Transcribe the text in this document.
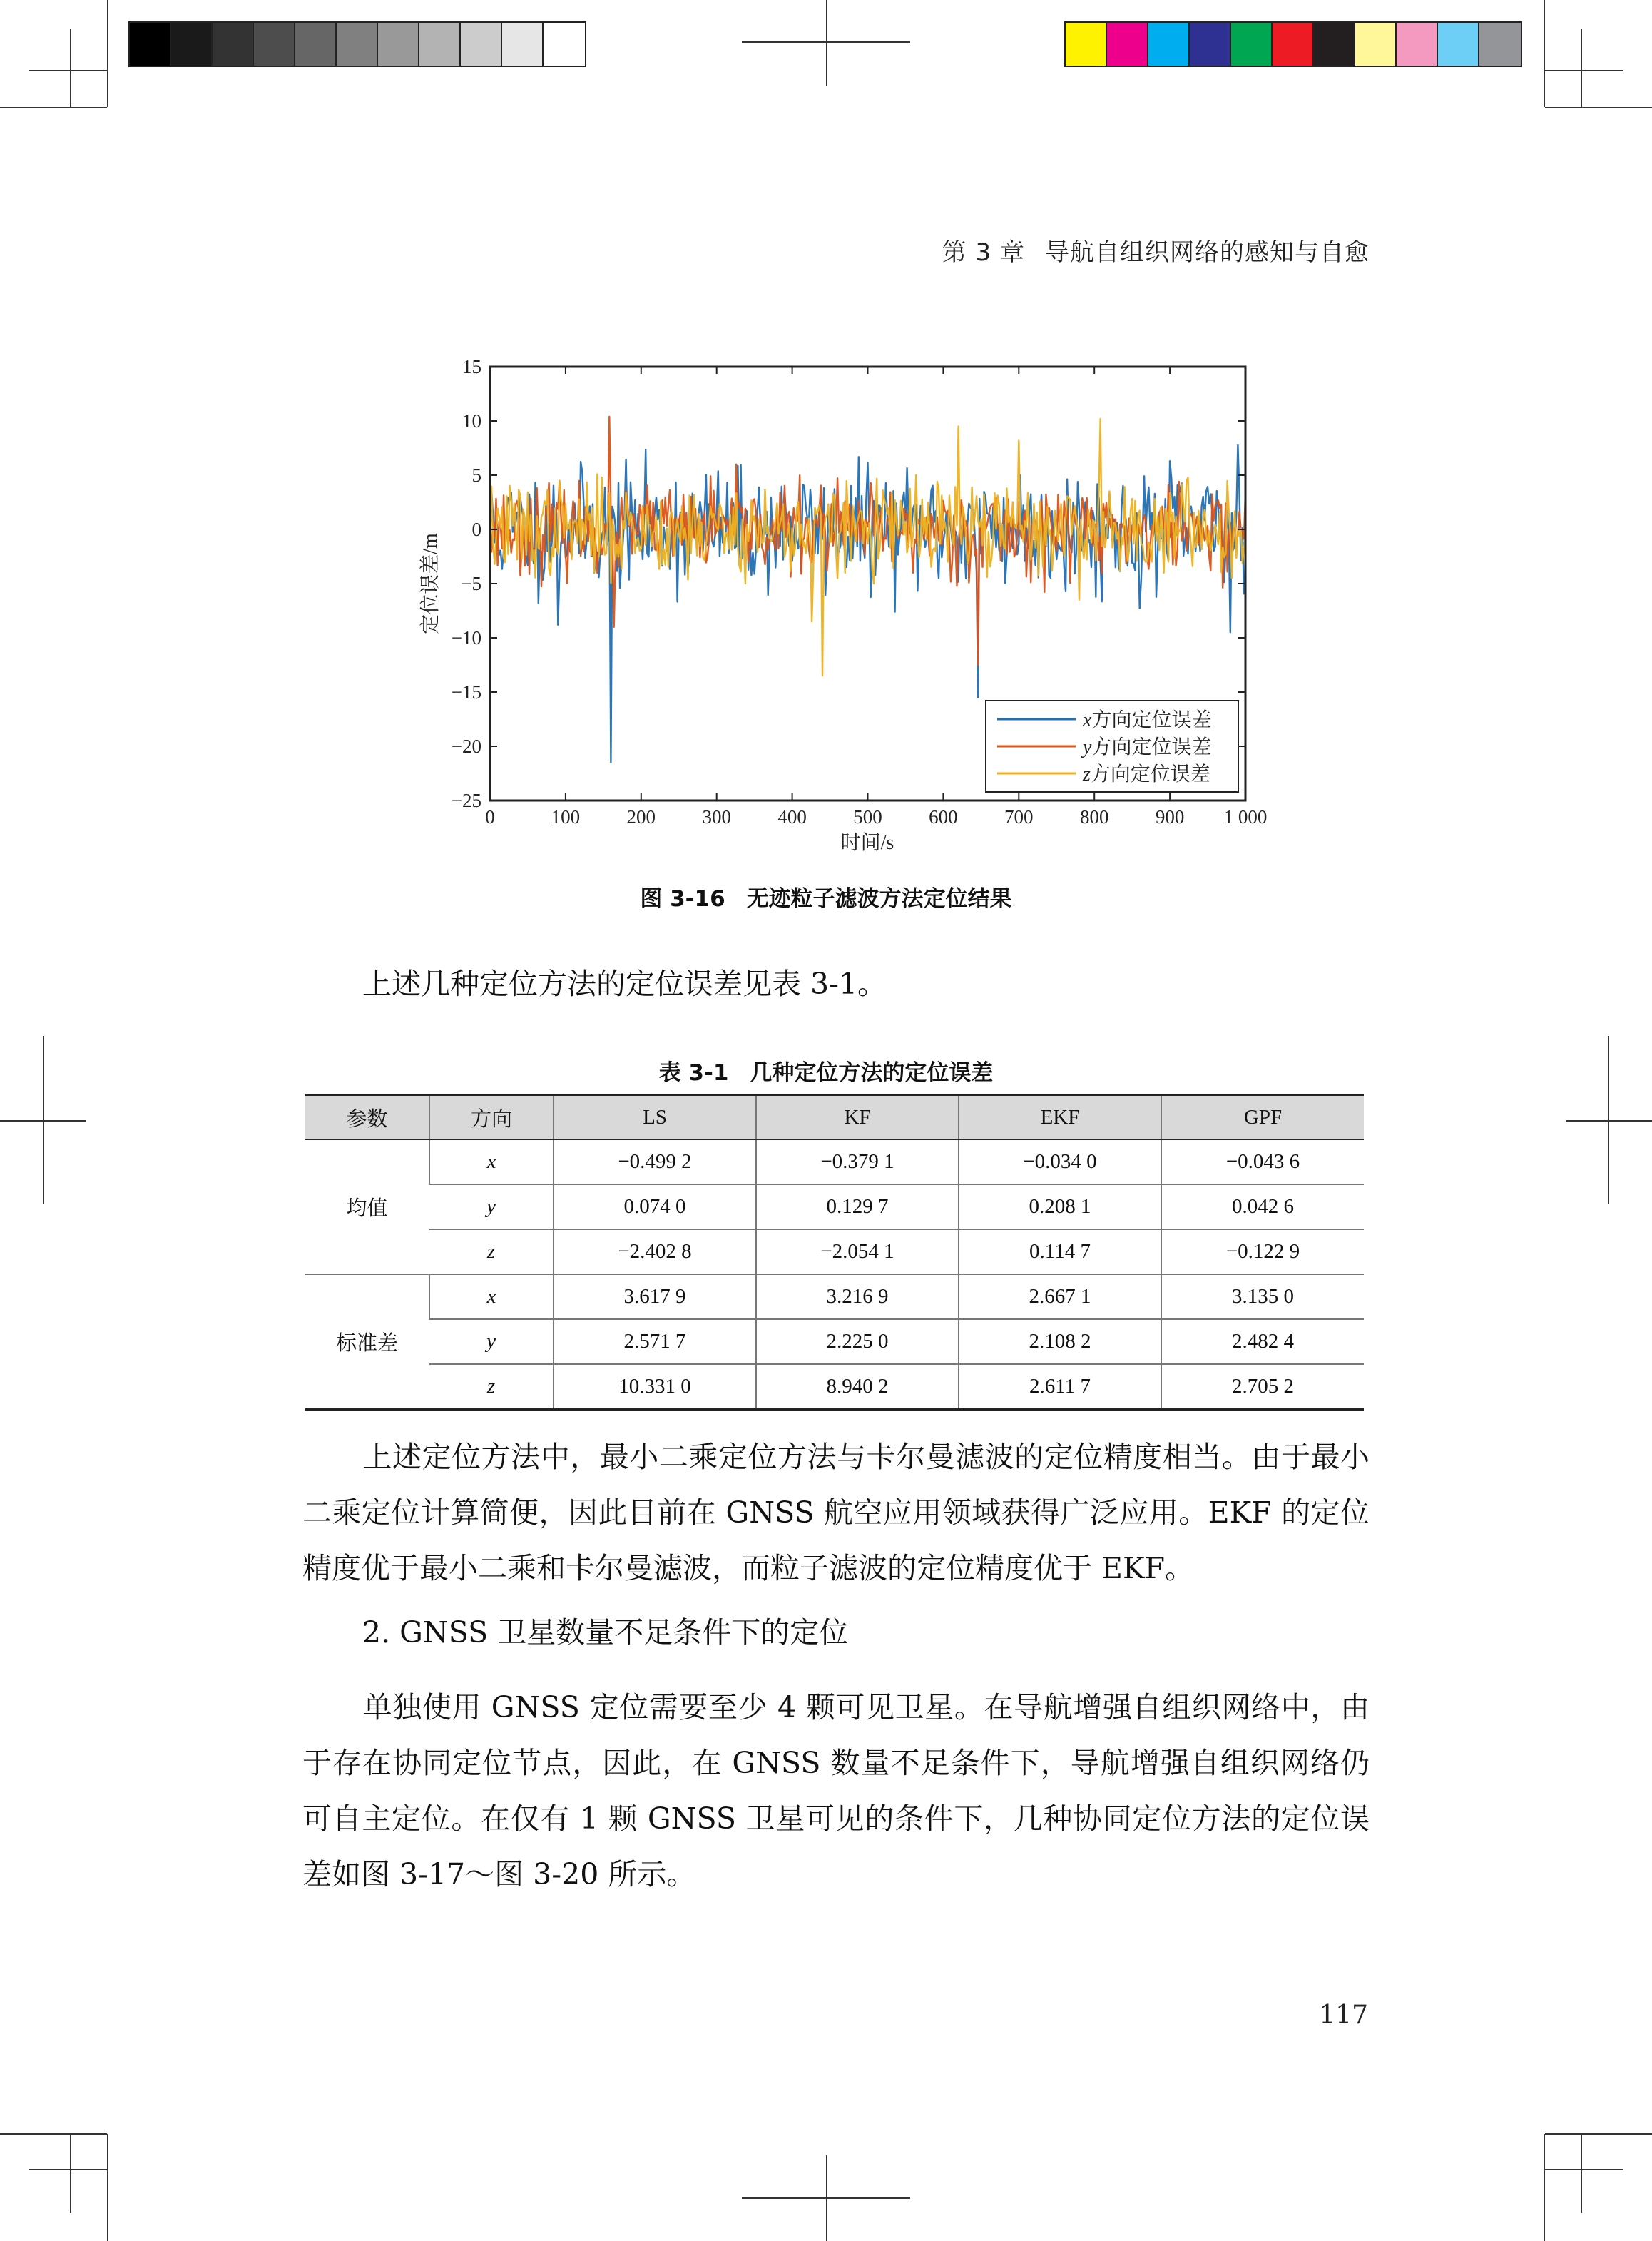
第 3 章 导航自组织网络的感知与自愈
0	100 200 300 400 500 600 700 800 900 1 000
15
10
5
0
−5
−10
−15
−20
−25
定位误差/m
时间/s
x方向定位误差
y方向定位误差
z方向定位误差
图 3-16 无迹粒子滤波方法定位结果
上述几种定位方法的定位误差见表 3-1。
表 3-1 几种定位方法的定位误差
参数	方向	LS	KF	EKF	GPF
均值	x	−0.499 2	−0.379 1	−0.034 0	−0.043 6
	y	0.074 0	0.129 7	0.208 1	0.042 6
	z	−2.402 8	−2.054 1	0.114 7	−0.122 9
标准差	x	3.617 9	3.216 9	2.667 1	3.135 0
	y	2.571 7	2.225 0	2.108 2	2.482 4
	z	10.331 0	8.940 2	2.611 7	2.705 2
上述定位方法中，最小二乘定位方法与卡尔曼滤波的定位精度相当。由于最小二乘定位计算简便，因此目前在 GNSS 航空应用领域获得广泛应用。EKF 的定位精度优于最小二乘和卡尔曼滤波，而粒子滤波的定位精度优于 EKF。
2. GNSS 卫星数量不足条件下的定位
单独使用 GNSS 定位需要至少 4 颗可见卫星。在导航增强自组织网络中，由于存在协同定位节点，因此，在 GNSS 数量不足条件下，导航增强自组织网络仍可自主定位。在仅有 1 颗 GNSS 卫星可见的条件下，几种协同定位方法的定位误差如图 3-17～图 3-20 所示。
117
